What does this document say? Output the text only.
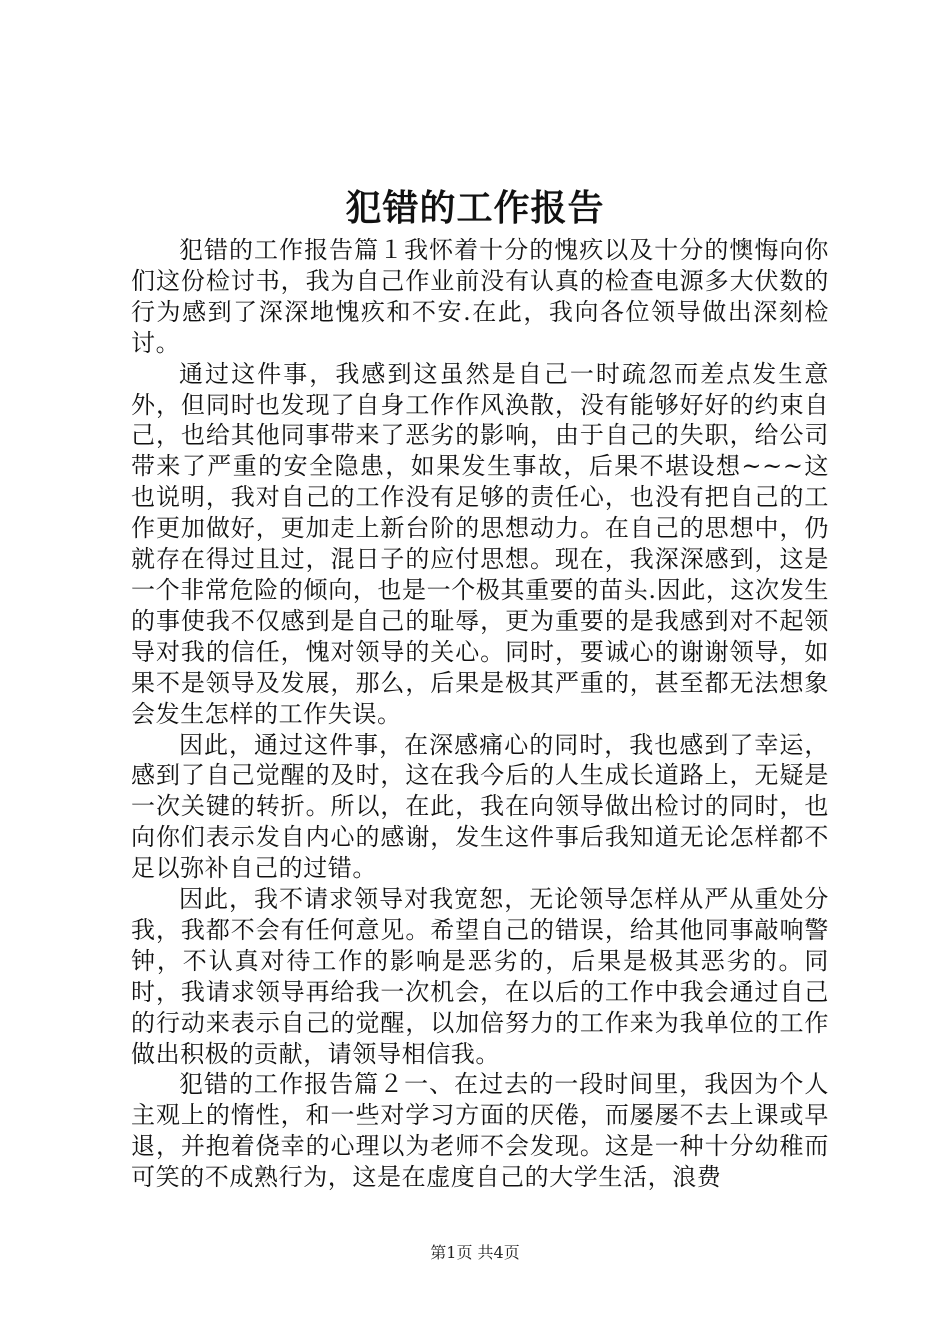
犯错的工作报告

犯错的工作报告篇１我怀着十分的愧疚以及十分的懊悔向你们这份检讨书，我为自己作业前没有认真的检查电源多大伏数的行为感到了深深地愧疚和不安.在此，我向各位领导做出深刻检讨。

通过这件事，我感到这虽然是自己一时疏忽而差点发生意外，但同时也发现了自身工作作风涣散，没有能够好好的约束自己，也给其他同事带来了恶劣的影响，由于自己的失职，给公司带来了严重的安全隐患，如果发生事故，后果不堪设想~~~这也说明，我对自己的工作没有足够的责任心，也没有把自己的工作更加做好，更加走上新台阶的思想动力。在自己的思想中，仍就存在得过且过，混日子的应付思想。现在，我深深感到，这是一个非常危险的倾向，也是一个极其重要的苗头.因此，这次发生的事使我不仅感到是自己的耻辱，更为重要的是我感到对不起领导对我的信任，愧对领导的关心。同时，要诚心的谢谢领导，如果不是领导及发展，那么，后果是极其严重的，甚至都无法想象会发生怎样的工作失误。

因此，通过这件事，在深感痛心的同时，我也感到了幸运，感到了自己觉醒的及时，这在我今后的人生成长道路上，无疑是一次关键的转折。所以，在此，我在向领导做出检讨的同时，也向你们表示发自内心的感谢，发生这件事后我知道无论怎样都不足以弥补自己的过错。

因此，我不请求领导对我宽恕，无论领导怎样从严从重处分我，我都不会有任何意见。希望自己的错误，给其他同事敲响警钟，不认真对待工作的影响是恶劣的，后果是极其恶劣的。同时，我请求领导再给我一次机会，在以后的工作中我会通过自己的行动来表示自己的觉醒，以加倍努力的工作来为我单位的工作做出积极的贡献，请领导相信我。

犯错的工作报告篇２一、在过去的一段时间里，我因为个人主观上的惰性，和一些对学习方面的厌倦，而屡屡不去上课或早退，并抱着侥幸的心理以为老师不会发现。这是一种十分幼稚而可笑的不成熟行为，这是在虚度自己的大学生活，浪费

第1页 共4页
